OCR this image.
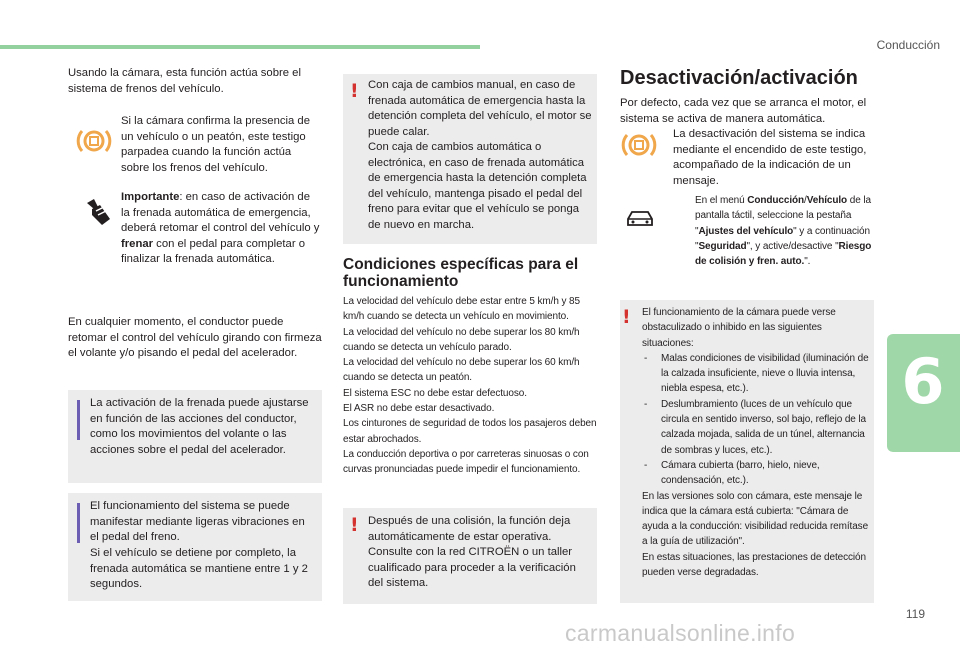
Conducción

Usando la cámara, esta función actúa sobre el sistema de frenos del vehículo.

Si la cámara confirma la presencia de un vehículo o un peatón, este testigo parpadea cuando la función actúa sobre los frenos del vehículo.

Importante: en caso de activación de la frenada automática de emergencia, deberá retomar el control del vehículo y frenar con el pedal para completar o finalizar la frenada automática.

En cualquier momento, el conductor puede retomar el control del vehículo girando con firmeza el volante y/o pisando el pedal del acelerador.

La activación de la frenada puede ajustarse en función de las acciones del conductor, como los movimientos del volante o las acciones sobre el pedal del acelerador.

El funcionamiento del sistema se puede manifestar mediante ligeras vibraciones en el pedal del freno.

Si el vehículo se detiene por completo, la frenada automática se mantiene entre 1 y 2 segundos.

! Con caja de cambios manual, en caso de frenada automática de emergencia hasta la detención completa del vehículo, el motor se puede calar.

Con caja de cambios automática o electrónica, en caso de frenada automática de emergencia hasta la detención completa del vehículo, mantenga pisado el pedal del freno para evitar que el vehículo se ponga de nuevo en marcha.

Condiciones específicas para el funcionamiento

La velocidad del vehículo debe estar entre 5 km/h y 85 km/h cuando se detecta un vehículo en movimiento.

La velocidad del vehículo no debe superar los 80 km/h cuando se detecta un vehículo parado.

La velocidad del vehículo no debe superar los 60 km/h cuando se detecta un peatón.

El sistema ESC no debe estar defectuoso.

El ASR no debe estar desactivado.

Los cinturones de seguridad de todos los pasajeros deben estar abrochados.

La conducción deportiva o por carreteras sinuosas o con curvas pronunciadas puede impedir el funcionamiento.

! Después de una colisión, la función deja automáticamente de estar operativa. Consulte con la red CITROËN o un taller cualificado para proceder a la verificación del sistema.

Desactivación/activación

Por defecto, cada vez que se arranca el motor, el sistema se activa de manera automática.

La desactivación del sistema se indica mediante el encendido de este testigo, acompañado de la indicación de un mensaje.

En el menú Conducción/Vehículo de la pantalla táctil, seleccione la pestaña "Ajustes del vehículo" y a continuación "Seguridad", y active/desactive "Riesgo de colisión y fren. auto.".

! El funcionamiento de la cámara puede verse obstaculizado o inhibido en las siguientes situaciones:

- Malas condiciones de visibilidad (iluminación de la calzada insuficiente, nieve o lluvia intensa, niebla espesa, etc.).
- Deslumbramiento (luces de un vehículo que circula en sentido inverso, sol bajo, reflejo de la calzada mojada, salida de un túnel, alternancia de sombras y luces, etc.).
- Cámara cubierta (barro, hielo, nieve, condensación, etc.).

En las versiones solo con cámara, este mensaje le indica que la cámara está cubierta: "Cámara de ayuda a la conducción: visibilidad reducida remítase a la guía de utilización".

En estas situaciones, las prestaciones de detección pueden verse degradadas.

6
119
carmanualsonline.info
